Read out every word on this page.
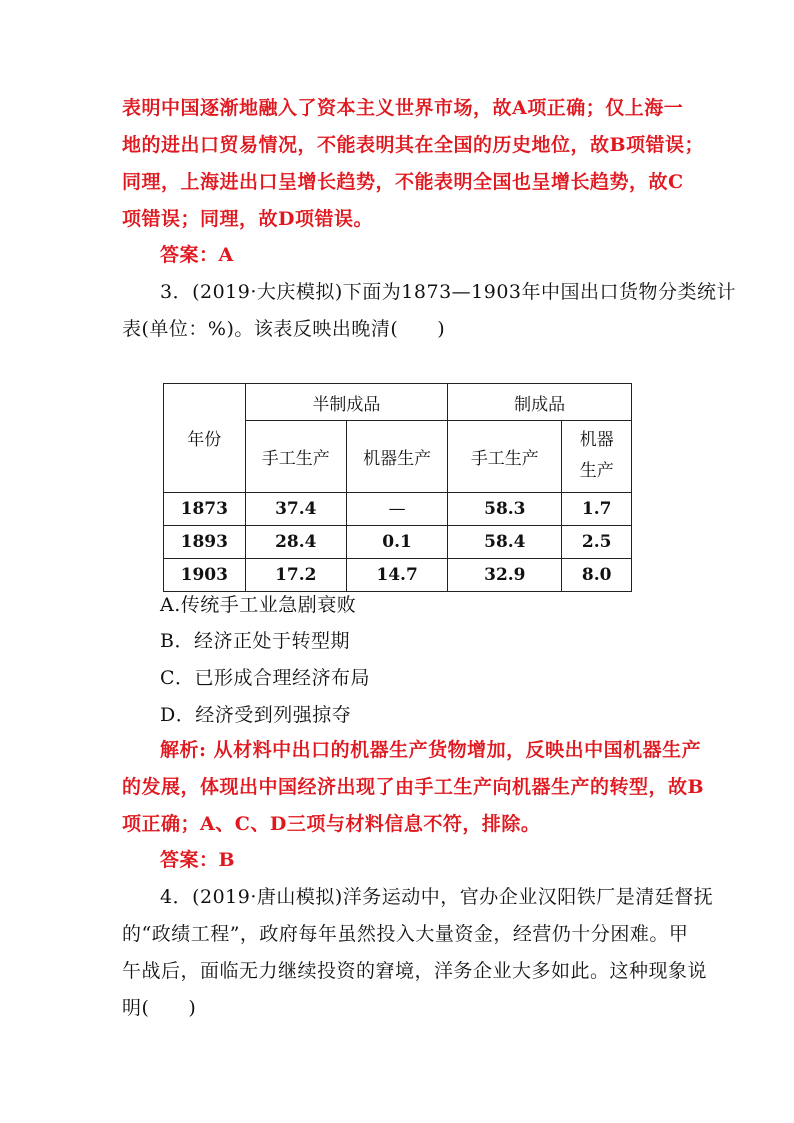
表明中国逐渐地融入了资本主义世界市场，故A项正确；仅上海一
地的进出口贸易情况，不能表明其在全国的历史地位，故B项错误；
同理，上海进出口呈增长趋势，不能表明全国也呈增长趋势，故C
项错误；同理，故D项错误。
答案：A
3．(2019·大庆模拟)下面为1873—1903年中国出口货物分类统计
表(单位：%)。该表反映出晚清(　　)
年份	半制成品		制成品	
	手工生产	机器生产	手工生产	机器
生产
1873	37.4	—	58.3	1.7
1893	28.4	0.1	58.4	2.5
1903	17.2	14.7	32.9	8.0
A.传统手工业急剧衰败
B．经济正处于转型期
C．已形成合理经济布局
D．经济受到列强掠夺
解析: 从材料中出口的机器生产货物增加，反映出中国机器生产
的发展，体现出中国经济出现了由手工生产向机器生产的转型，故B
项正确；A、C、D三项与材料信息不符，排除。
答案：B
4．(2019·唐山模拟)洋务运动中，官办企业汉阳铁厂是清廷督抚
的“政绩工程”，政府每年虽然投入大量资金，经营仍十分困难。甲
午战后，面临无力继续投资的窘境，洋务企业大多如此。这种现象说
明(　　)
